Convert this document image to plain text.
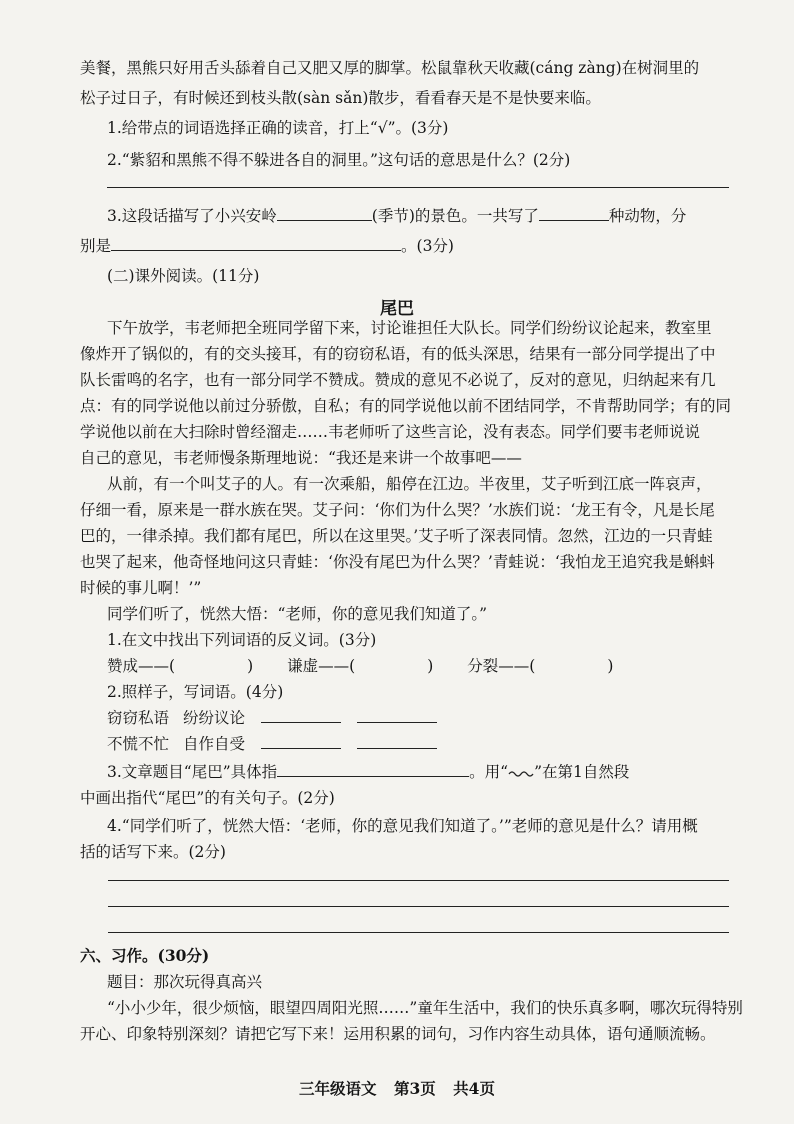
美餐，黑熊只好用舌头舔着自己又肥又厚的脚掌。松鼠靠秋天收藏(cáng zàng)在树洞里的
松子过日子，有时候还到枝头散(sàn sǎn)散步，看看春天是不是快要来临。
1.给带点的词语选择正确的读音，打上“√”。(3分)
2.“紫貂和黑熊不得不躲进各自的洞里。”这句话的意思是什么？(2分)
3.这段话描写了小兴安岭	(季节)的景色。一共写了	种动物，分
别是	。(3分)
(二)课外阅读。(11分)
尾巴
下午放学，韦老师把全班同学留下来，讨论谁担任大队长。同学们纷纷议论起来，教室里
像炸开了锅似的，有的交头接耳，有的窃窃私语，有的低头深思，结果有一部分同学提出了中
队长雷鸣的名字，也有一部分同学不赞成。赞成的意见不必说了，反对的意见，归纳起来有几
点：有的同学说他以前过分骄傲，自私；有的同学说他以前不团结同学，不肯帮助同学；有的同
学说他以前在大扫除时曾经溜走……韦老师听了这些言论，没有表态。同学们要韦老师说说
自己的意见，韦老师慢条斯理地说：“我还是来讲一个故事吧——
从前，有一个叫艾子的人。有一次乘船，船停在江边。半夜里，艾子听到江底一阵哀声，
仔细一看，原来是一群水族在哭。艾子问：‘你们为什么哭？’水族们说：‘龙王有令，凡是长尾
巴的，一律杀掉。我们都有尾巴，所以在这里哭。’艾子听了深表同情。忽然，江边的一只青蛙
也哭了起来，他奇怪地问这只青蛙：‘你没有尾巴为什么哭？’青蛙说：‘我怕龙王追究我是蝌蚪
时候的事儿啊！’”
同学们听了，恍然大悟：“老师，你的意见我们知道了。”
1.在文中找出下列词语的反义词。(3分)
赞成——(	) 谦虚——(	) 分裂——(	)
2.照样子，写词语。(4分)
窃窃私语 纷纷议论
不慌不忙 自作自受
3.文章题目“尾巴”具体指	。用“ ”在第1自然段
中画出指代“尾巴”的有关句子。(2分)
4.“同学们听了，恍然大悟：‘老师，你的意见我们知道了。’”老师的意见是什么？请用概
括的话写下来。(2分)
六、习作。(30分)
题目：那次玩得真高兴
“小小少年，很少烦恼，眼望四周阳光照……”童年生活中，我们的快乐真多啊，哪次玩得特别
开心、印象特别深刻？请把它写下来！运用积累的词句，习作内容生动具体，语句通顺流畅。
三年级语文 第3页 共4页
